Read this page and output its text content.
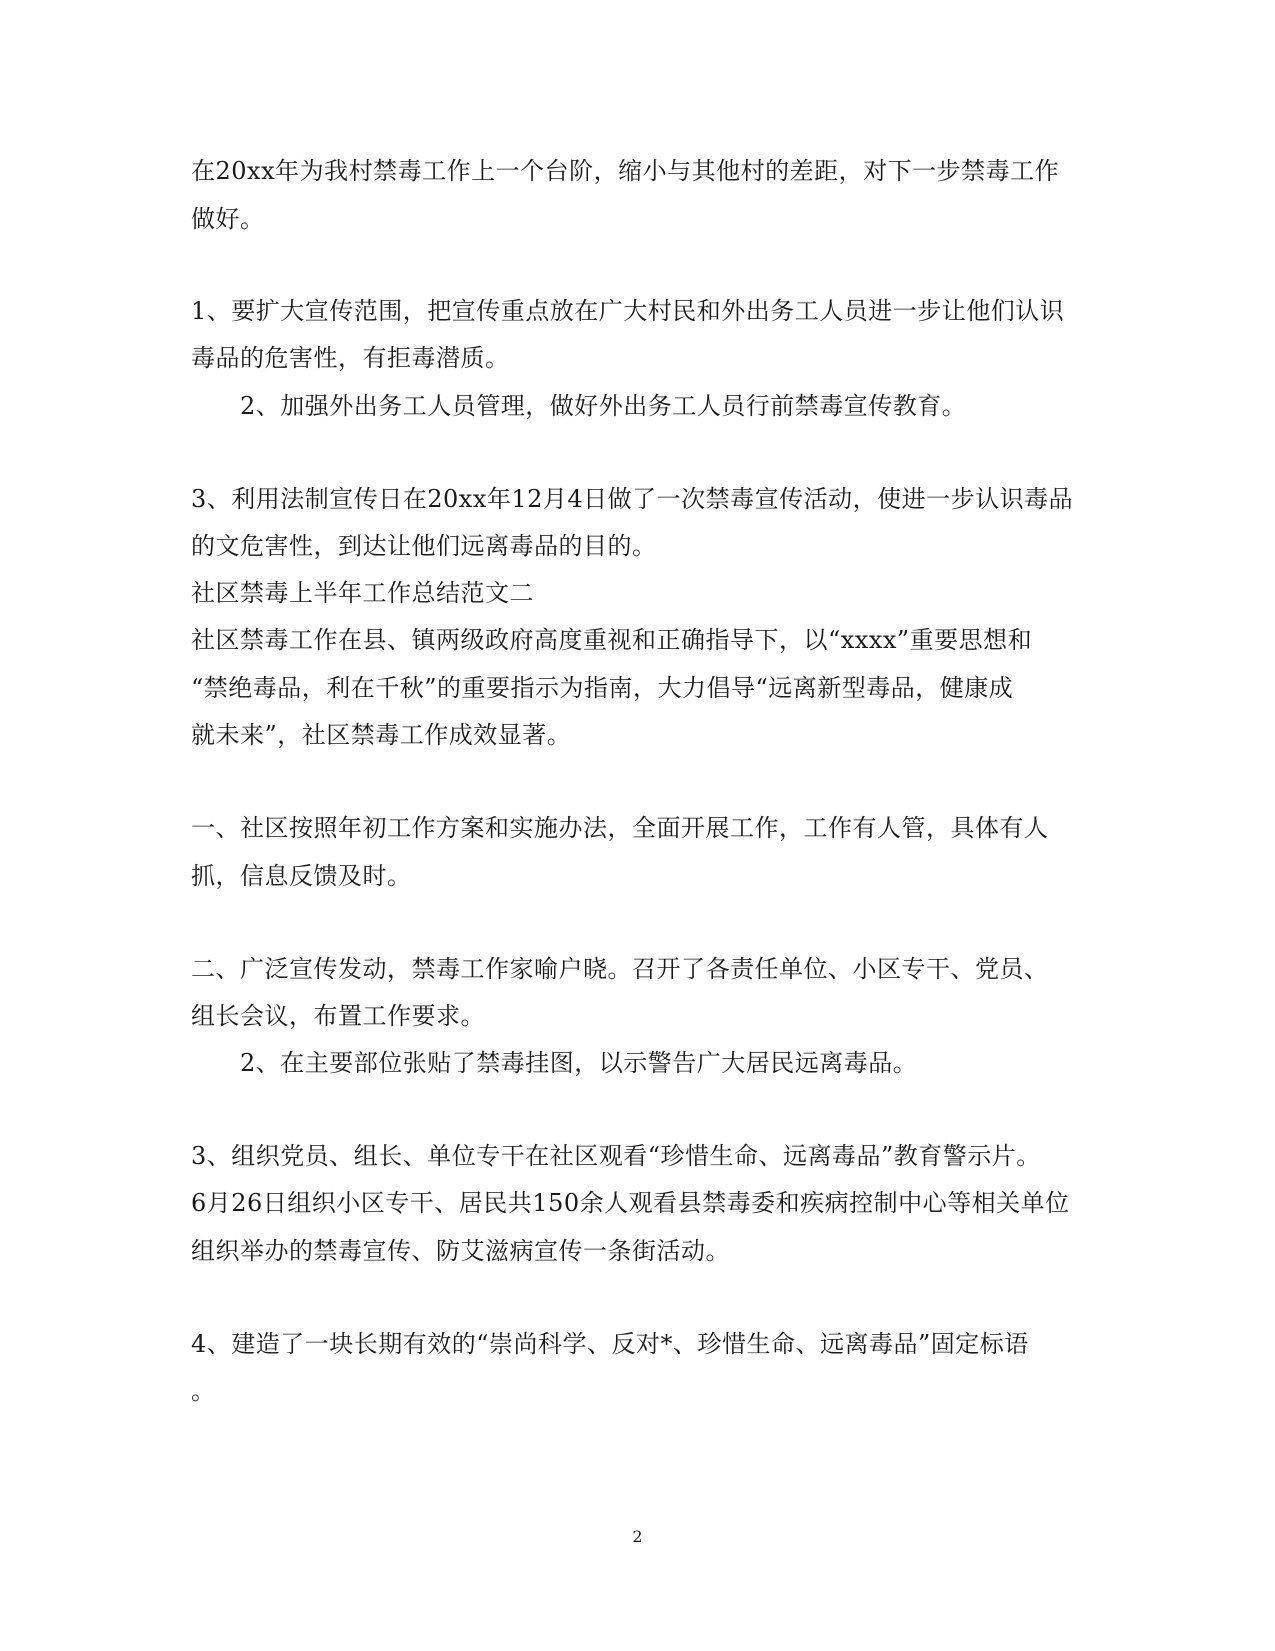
在20xx年为我村禁毒工作上一个台阶，缩小与其他村的差距，对下一步禁毒工作
做好。
1、要扩大宣传范围，把宣传重点放在广大村民和外出务工人员进一步让他们认识
毒品的危害性，有拒毒潜质。
2、加强外出务工人员管理，做好外出务工人员行前禁毒宣传教育。
3、利用法制宣传日在20xx年12月4日做了一次禁毒宣传活动，使进一步认识毒品
的文危害性，到达让他们远离毒品的目的。
社区禁毒上半年工作总结范文二
社区禁毒工作在县、镇两级政府高度重视和正确指导下，以“xxxx”重要思想和
“禁绝毒品，利在千秋”的重要指示为指南，大力倡导“远离新型毒品，健康成
就未来”，社区禁毒工作成效显著。
一、社区按照年初工作方案和实施办法，全面开展工作，工作有人管，具体有人
抓，信息反馈及时。
二、广泛宣传发动，禁毒工作家喻户晓。召开了各责任单位、小区专干、党员、
组长会议，布置工作要求。
2、在主要部位张贴了禁毒挂图，以示警告广大居民远离毒品。
3、组织党员、组长、单位专干在社区观看“珍惜生命、远离毒品”教育警示片。
6月26日组织小区专干、居民共150余人观看县禁毒委和疾病控制中心等相关单位
组织举办的禁毒宣传、防艾滋病宣传一条街活动。
4、建造了一块长期有效的“崇尚科学、反对*、珍惜生命、远离毒品”固定标语
。
2
